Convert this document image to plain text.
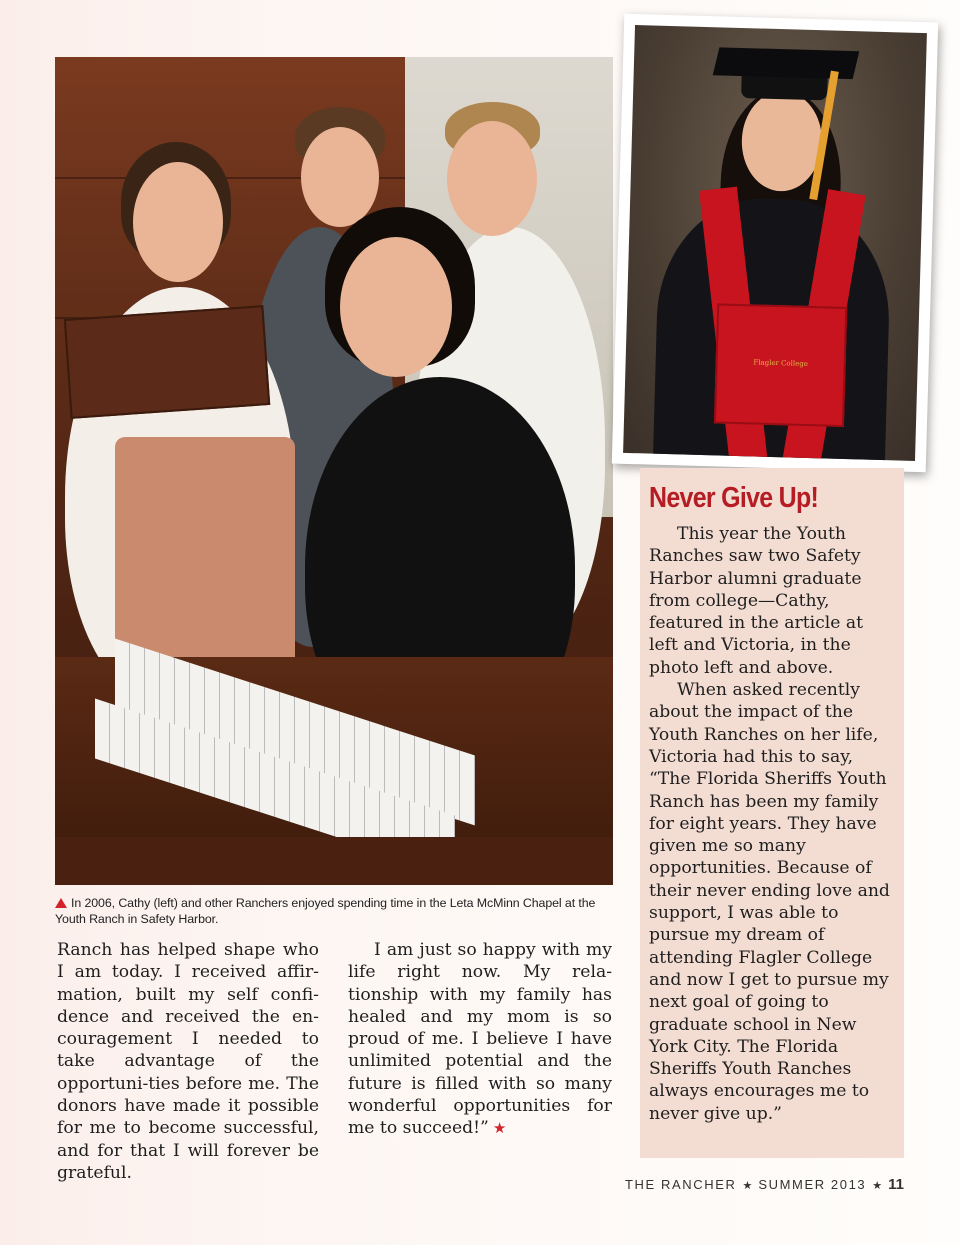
Flagler College
In 2006, Cathy (left) and other Ranchers enjoyed spending time in the Leta McMinn Chapel at the Youth Ranch in Safety Harbor.

Ranch has helped shape who I am today. I received affir-mation, built my self confi-dence and received the en-couragement I needed to take advantage of the opportuni-ties before me. The donors have made it possible for me to become successful, and for that I will forever be grateful.

I am just so happy with my life right now. My rela-tionship with my family has healed and my mom is so proud of me. I believe I have unlimited potential and the future is filled with so many wonderful opportunities for me to succeed!” ★

Never Give Up!

This year the Youth Ranches saw two Safety Harbor alumni graduate from college—Cathy, featured in the article at left and Victoria, in the photo left and above.

When asked recently about the impact of the Youth Ranches on her life, Victoria had this to say, “The Florida Sheriffs Youth Ranch has been my family for eight years. They have given me so many opportunities. Because of their never ending love and support, I was able to pursue my dream of attending Flagler College and now I get to pursue my next goal of going to graduate school in New York City. The Florida Sheriffs Youth Ranches always encourages me to never give up.”

THE RANCHER ★ SUMMER 2013 ★ 11
